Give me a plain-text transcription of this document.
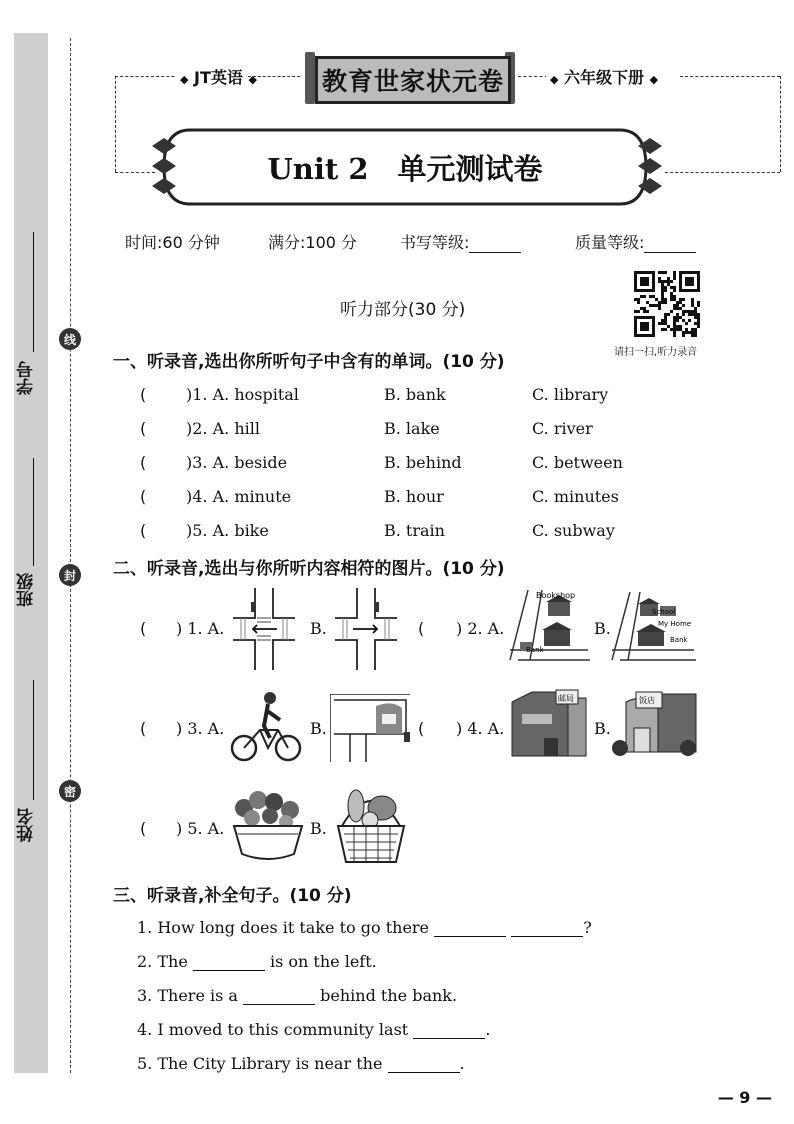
学号
班级
姓名
线
封
密
◆ JT英语 ◆	◆ 六年级下册 ◆
教育世家状元卷
Unit 2　单元测试卷
时间:60 分钟	满分:100 分	书写等级:	质量等级:
听力部分(30 分)
请扫一扫,听力录音
一、听录音,选出你所听句子中含有的单词。(10 分)
( )1. A. hospital	B. bank	C. library
( )2. A. hill	B. lake	C. river
( )3. A. beside	B. behind	C. between
( )4. A. minute	B. hour	C. minutes
( )5. A. bike	B. train	C. subway
二、听录音,选出与你所听内容相符的图片。(10 分)
( ) 1. A.	B.	( ) 2. A.
Bookshop
Bank
B.
School
My Home
Bank
( ) 3. A.	B.	( ) 4. A.
邮局
B.
饭店
( ) 5. A.	B.
三、听录音,补全句子。(10 分)
1. How long does it take to go there	?
2. The	is on the left.
3. There is a	behind the bank.
4. I moved to this community last	.
5. The City Library is near the	.
— 9 —
